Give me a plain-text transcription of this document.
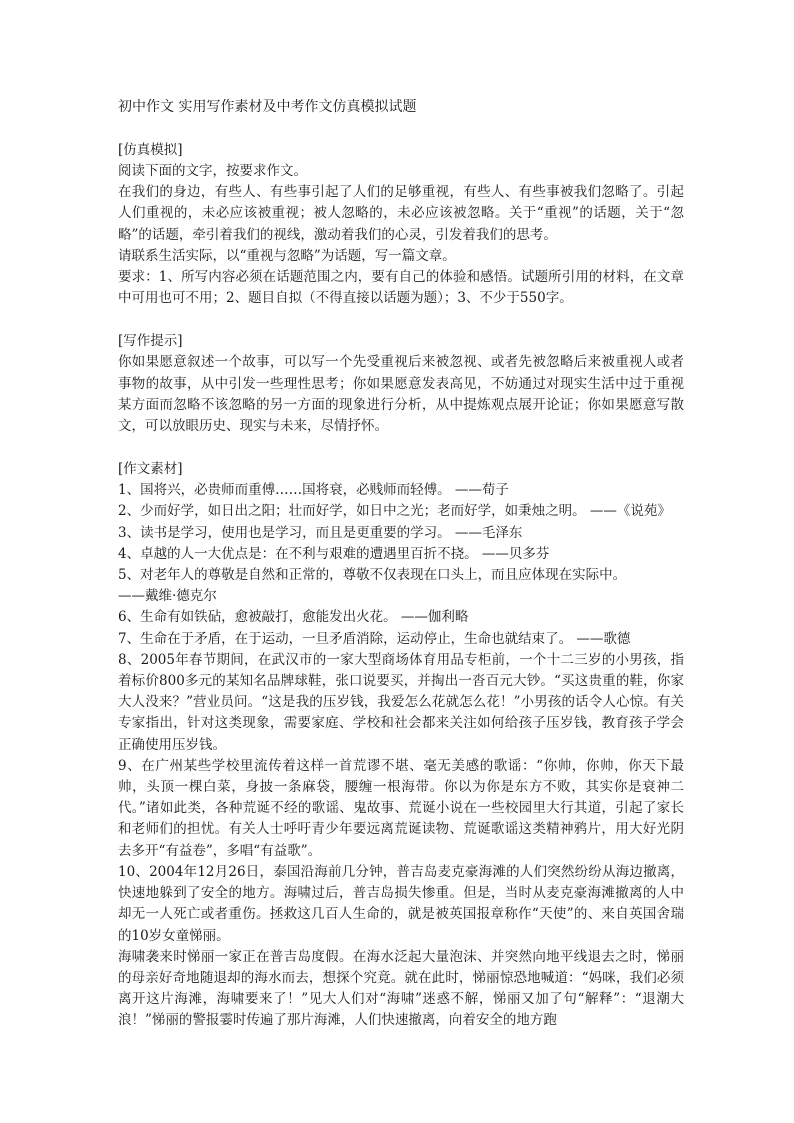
初中作文 实用写作素材及中考作文仿真模拟试题
[仿真模拟]

阅读下面的文字，按要求作文。

在我们的身边，有些人、有些事引起了人们的足够重视，有些人、有些事被我们忽略了。引起人们重视的，未必应该被重视；被人忽略的，未必应该被忽略。关于“重视”的话题，关于“忽略”的话题，牵引着我们的视线，激动着我们的心灵，引发着我们的思考。

请联系生活实际，以“重视与忽略”为话题，写一篇文章。

要求：1、所写内容必须在话题范围之内，要有自己的体验和感悟。试题所引用的材料，在文章中可用也可不用；2、题目自拟（不得直接以话题为题）；3、不少于550字。

[写作提示]

你如果愿意叙述一个故事，可以写一个先受重视后来被忽视、或者先被忽略后来被重视人或者事物的故事，从中引发一些理性思考；你如果愿意发表高见，不妨通过对现实生活中过于重视某方面而忽略不该忽略的另一方面的现象进行分析，从中提炼观点展开论证；你如果愿意写散文，可以放眼历史、现实与未来，尽情抒怀。

[作文素材]

1、国将兴，必贵师而重傅……国将衰，必贱师而轻傅。 ——荀子

2、少而好学，如日出之阳；壮而好学，如日中之光；老而好学，如秉烛之明。 ——《说苑》

3、读书是学习，使用也是学习，而且是更重要的学习。 ——毛泽东

4、卓越的人一大优点是：在不利与艰难的遭遇里百折不挠。 ——贝多芬

5、对老年人的尊敬是自然和正常的，尊敬不仅表现在口头上，而且应体现在实际中。

——戴维·德克尔

6、生命有如铁砧，愈被敲打，愈能发出火花。 ——伽利略

7、生命在于矛盾，在于运动，一旦矛盾消除，运动停止，生命也就结束了。 ——歌德

8、2005年春节期间，在武汉市的一家大型商场体育用品专柜前，一个十二三岁的小男孩，指着标价800多元的某知名品牌球鞋，张口说要买，并掏出一沓百元大钞。“买这贵重的鞋，你家大人没来？”营业员问。“这是我的压岁钱，我爱怎么花就怎么花！”小男孩的话令人心惊。有关专家指出，针对这类现象，需要家庭、学校和社会都来关注如何给孩子压岁钱，教育孩子学会正确使用压岁钱。

9、在广州某些学校里流传着这样一首荒谬不堪、毫无美感的歌谣：“你帅，你帅，你天下最帅，头顶一棵白菜，身披一条麻袋，腰缠一根海带。你以为你是东方不败，其实你是衰神二代。”诸如此类，各种荒诞不经的歌谣、鬼故事、荒诞小说在一些校园里大行其道，引起了家长和老师们的担忧。有关人士呼吁青少年要远离荒诞读物、荒诞歌谣这类精神鸦片，用大好光阴去多开“有益卷”，多唱“有益歌”。

10、2004年12月26日，泰国沿海前几分钟，普吉岛麦克豪海滩的人们突然纷纷从海边撤离，快速地躲到了安全的地方。海啸过后，普吉岛损失惨重。但是，当时从麦克豪海滩撤离的人中却无一人死亡或者重伤。拯救这几百人生命的，就是被英国报章称作“天使”的、来自英国舍瑞的10岁女童悌丽。

海啸袭来时悌丽一家正在普吉岛度假。在海水泛起大量泡沫、并突然向地平线退去之时，悌丽的母亲好奇地随退却的海水而去，想探个究竟。就在此时，悌丽惊恐地喊道：“妈咪，我们必须离开这片海滩，海啸要来了！”见大人们对“海啸”迷惑不解，悌丽又加了句“解释”：“退潮大浪！”悌丽的警报霎时传遍了那片海滩，人们快速撤离，向着安全的地方跑
